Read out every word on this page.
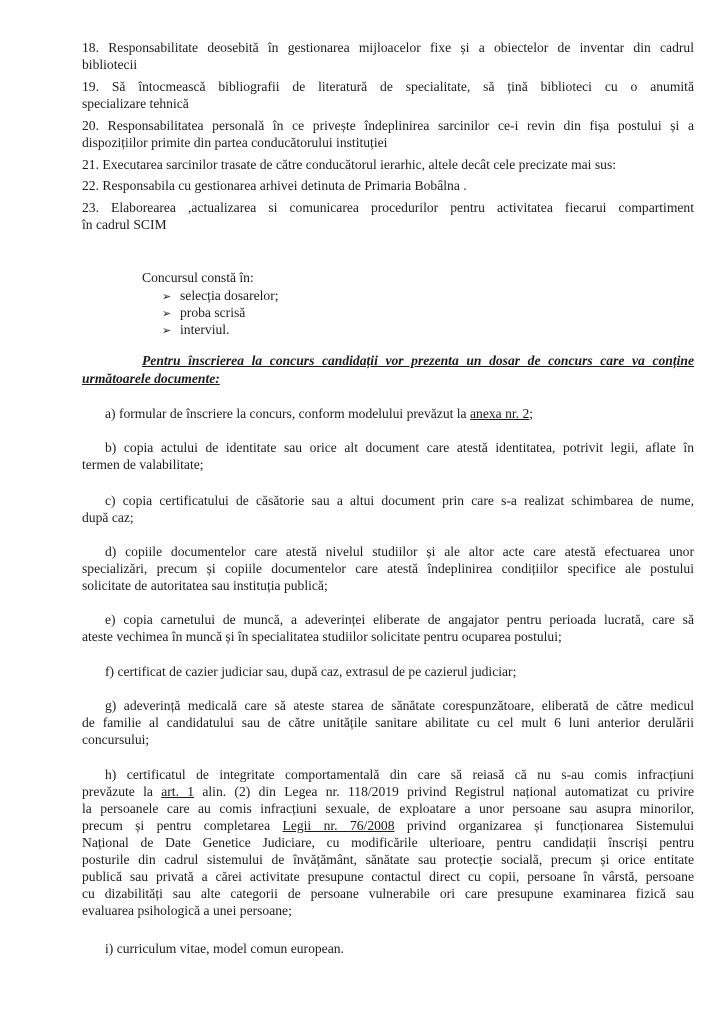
18. Responsabilitate deosebită în gestionarea mijloacelor fixe și a obiectelor de inventar din cadrul
bibliotecii
19. Să întocmească bibliografii de literatură de specialitate, să țină biblioteci cu o anumită
specializare tehnică
20. Responsabilitatea personală în ce privește îndeplinirea sarcinilor ce-i revin din fișa postului și a
dispozițiilor primite din partea conducătorului instituției
21. Executarea sarcinilor trasate de către conducătorul ierarhic, altele decât cele precizate mai sus:
22. Responsabila cu gestionarea arhivei detinuta de Primaria Bobâlna .
23. Elaborearea ,actualizarea si comunicarea procedurilor pentru activitatea fiecarui compartiment
în cadrul SCIM
Concursul constă în:
➢ selecția dosarelor;
➢ proba scrisă
➢ interviul.
Pentru înscrierea la concurs candidații vor prezenta un dosar de concurs care va conține
următoarele documente:
a) formular de înscriere la concurs, conform modelului prevăzut la anexa nr. 2;
b) copia actului de identitate sau orice alt document care atestă identitatea, potrivit legii, aflate în
termen de valabilitate;
c) copia certificatului de căsătorie sau a altui document prin care s-a realizat schimbarea de nume,
după caz;
d) copiile documentelor care atestă nivelul studiilor și ale altor acte care atestă efectuarea unor
specializări, precum și copiile documentelor care atestă îndeplinirea condițiilor specifice ale postului
solicitate de autoritatea sau instituția publică;
e) copia carnetului de muncă, a adeverinței eliberate de angajator pentru perioada lucrată, care să
ateste vechimea în muncă și în specialitatea studiilor solicitate pentru ocuparea postului;
f) certificat de cazier judiciar sau, după caz, extrasul de pe cazierul judiciar;
g) adeverință medicală care să ateste starea de sănătate corespunzătoare, eliberată de către medicul
de familie al candidatului sau de către unitățile sanitare abilitate cu cel mult 6 luni anterior derulării
concursului;
h) certificatul de integritate comportamentală din care să reiasă că nu s-au comis infracțiuni
prevăzute la art. 1 alin. (2) din Legea nr. 118/2019 privind Registrul național automatizat cu privire
la persoanele care au comis infracțiuni sexuale, de exploatare a unor persoane sau asupra minorilor,
precum și pentru completarea Legii nr. 76/2008 privind organizarea și funcționarea Sistemului
Național de Date Genetice Judiciare, cu modificările ulterioare, pentru candidații înscriși pentru
posturile din cadrul sistemului de învățământ, sănătate sau protecție socială, precum și orice entitate
publică sau privată a cărei activitate presupune contactul direct cu copii, persoane în vârstă, persoane
cu dizabilități sau alte categorii de persoane vulnerabile ori care presupune examinarea fizică sau
evaluarea psihologică a unei persoane;
i) curriculum vitae, model comun european.
